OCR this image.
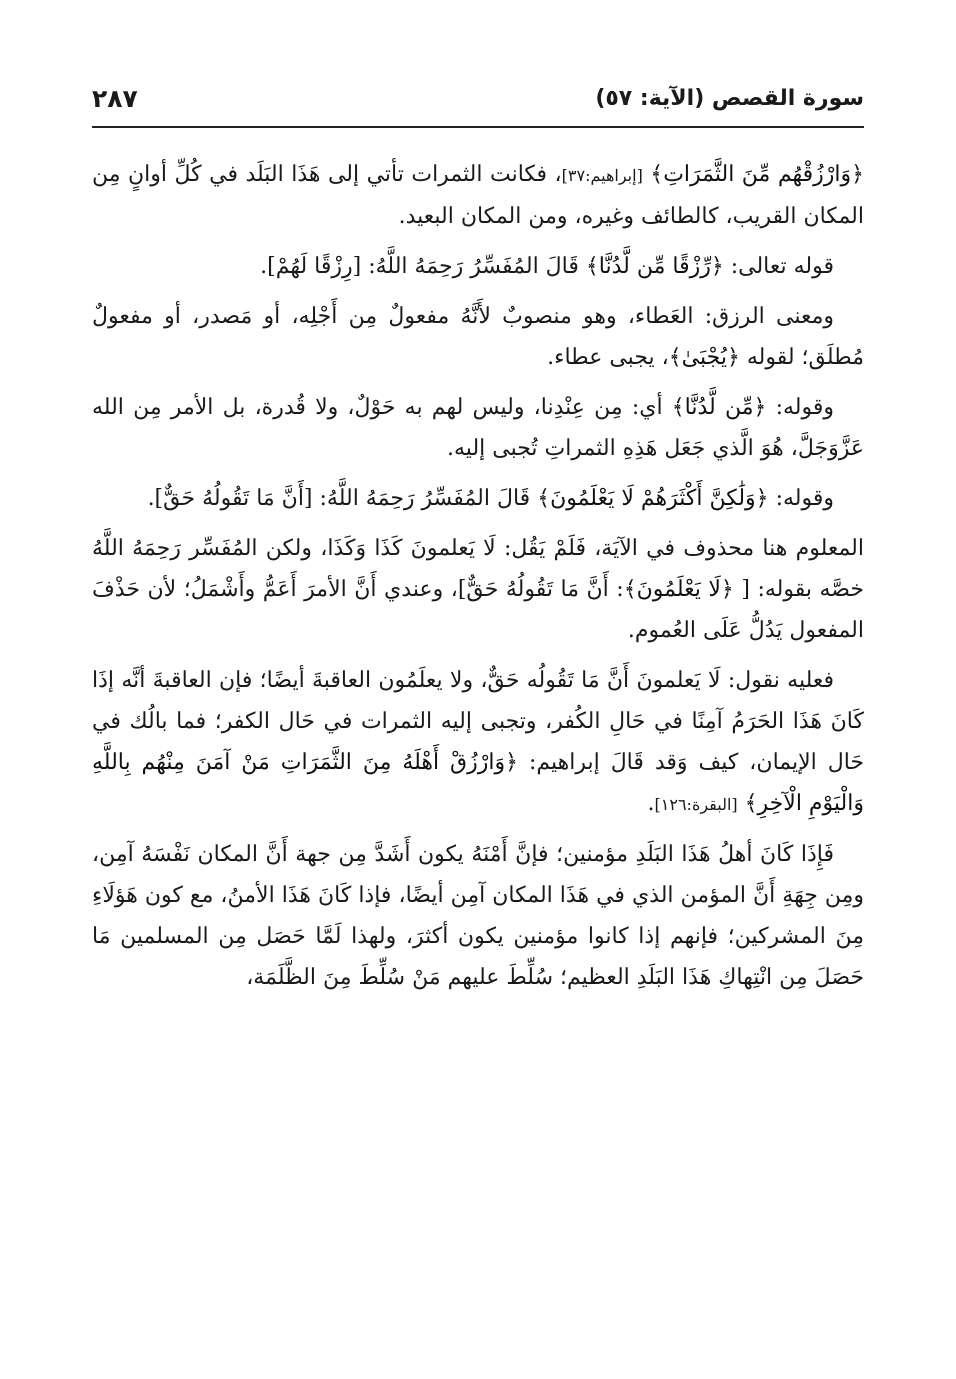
٢٨٧	سورة القصص (الآية: ٥٧)

﴿وَارْزُقْهُم مِّنَ الثَّمَرَاتِ﴾ [إبراهيم:٣٧]، فكانت الثمرات تأتي إلى هَذَا البَلَد في كُلِّ أوانٍ مِن المكان القريب، كالطائف وغيره، ومن المكان البعيد.

قوله تعالى: ﴿رِّزْقًا مِّن لَّدُنَّا﴾ قَالَ المُفَسِّرُ رَحِمَهُ اللَّهُ: [رِزْقًا لَهُمْ].

ومعنى الرزق: العَطاء، وهو منصوبٌ لأَنَّهُ مفعولٌ مِن أَجْلِه، أو مَصدر، أو مفعولٌ مُطلَق؛ لقوله ﴿يُجْبَىٰ﴾، يجبى عطاء.

وقوله: ﴿مِّن لَّدُنَّا﴾ أي: مِن عِنْدِنا، وليس لهم به حَوْلٌ، ولا قُدرة، بل الأمر مِن الله عَزَّوَجَلَّ، هُوَ الَّذي جَعَل هَذِهِ الثمراتِ تُجبى إليه.

وقوله: ﴿وَلَٰكِنَّ أَكْثَرَهُمْ لَا يَعْلَمُونَ﴾ قَالَ المُفَسِّرُ رَحِمَهُ اللَّهُ: [أَنَّ مَا تَقُولُهُ حَقٌّ].

المعلوم هنا محذوف في الآيَة، فَلَمْ يَقُل: لَا يَعلمونَ كَذَا وَكَذَا، ولكن المُفَسِّر رَحِمَهُ اللَّهُ خصَّه بقوله: [ ﴿لَا يَعْلَمُونَ﴾: أَنَّ مَا تَقُولُهُ حَقٌّ]، وعندي أَنَّ الأمرَ أَعَمُّ وأَشْمَلُ؛ لأن حَذْفَ المفعول يَدُلُّ عَلَى العُموم.

فعليه نقول: لَا يَعلمونَ أَنَّ مَا تَقُولُه حَقٌّ، ولا يعلَمُون العاقبةَ أيضًا؛ فإن العاقبةَ أنَّه إذَا كَانَ هَذَا الحَرَمُ آمِنًا في حَالِ الكُفر، وتجبى إليه الثمرات في حَال الكفر؛ فما بالُك في حَال الإيمان، كيف وَقد قَالَ إبراهيم: ﴿وَارْزُقْ أَهْلَهُ مِنَ الثَّمَرَاتِ مَنْ آمَنَ مِنْهُم بِاللَّهِ وَالْيَوْمِ الْآخِرِ﴾ [البقرة:١٢٦].

فَإِذَا كَانَ أهلُ هَذَا البَلَدِ مؤمنين؛ فإنَّ أَمْنَهُ يكون أَشَدَّ مِن جهة أَنَّ المكان نَفْسَهُ آمِن، ومِن جِهَةِ أَنَّ المؤمن الذي في هَذَا المكان آمِن أيضًا، فإذا كَانَ هَذَا الأمنُ، مع كون هَؤلَاءِ مِنَ المشركين؛ فإنهم إذا كانوا مؤمنين يكون أكثرَ، ولهذا لَمَّا حَصَل مِن المسلمين مَا حَصَلَ مِن انْتِهاكِ هَذَا البَلَدِ العظيم؛ سُلِّطَ عليهم مَنْ سُلِّطَ مِنَ الظَّلَمَة،
